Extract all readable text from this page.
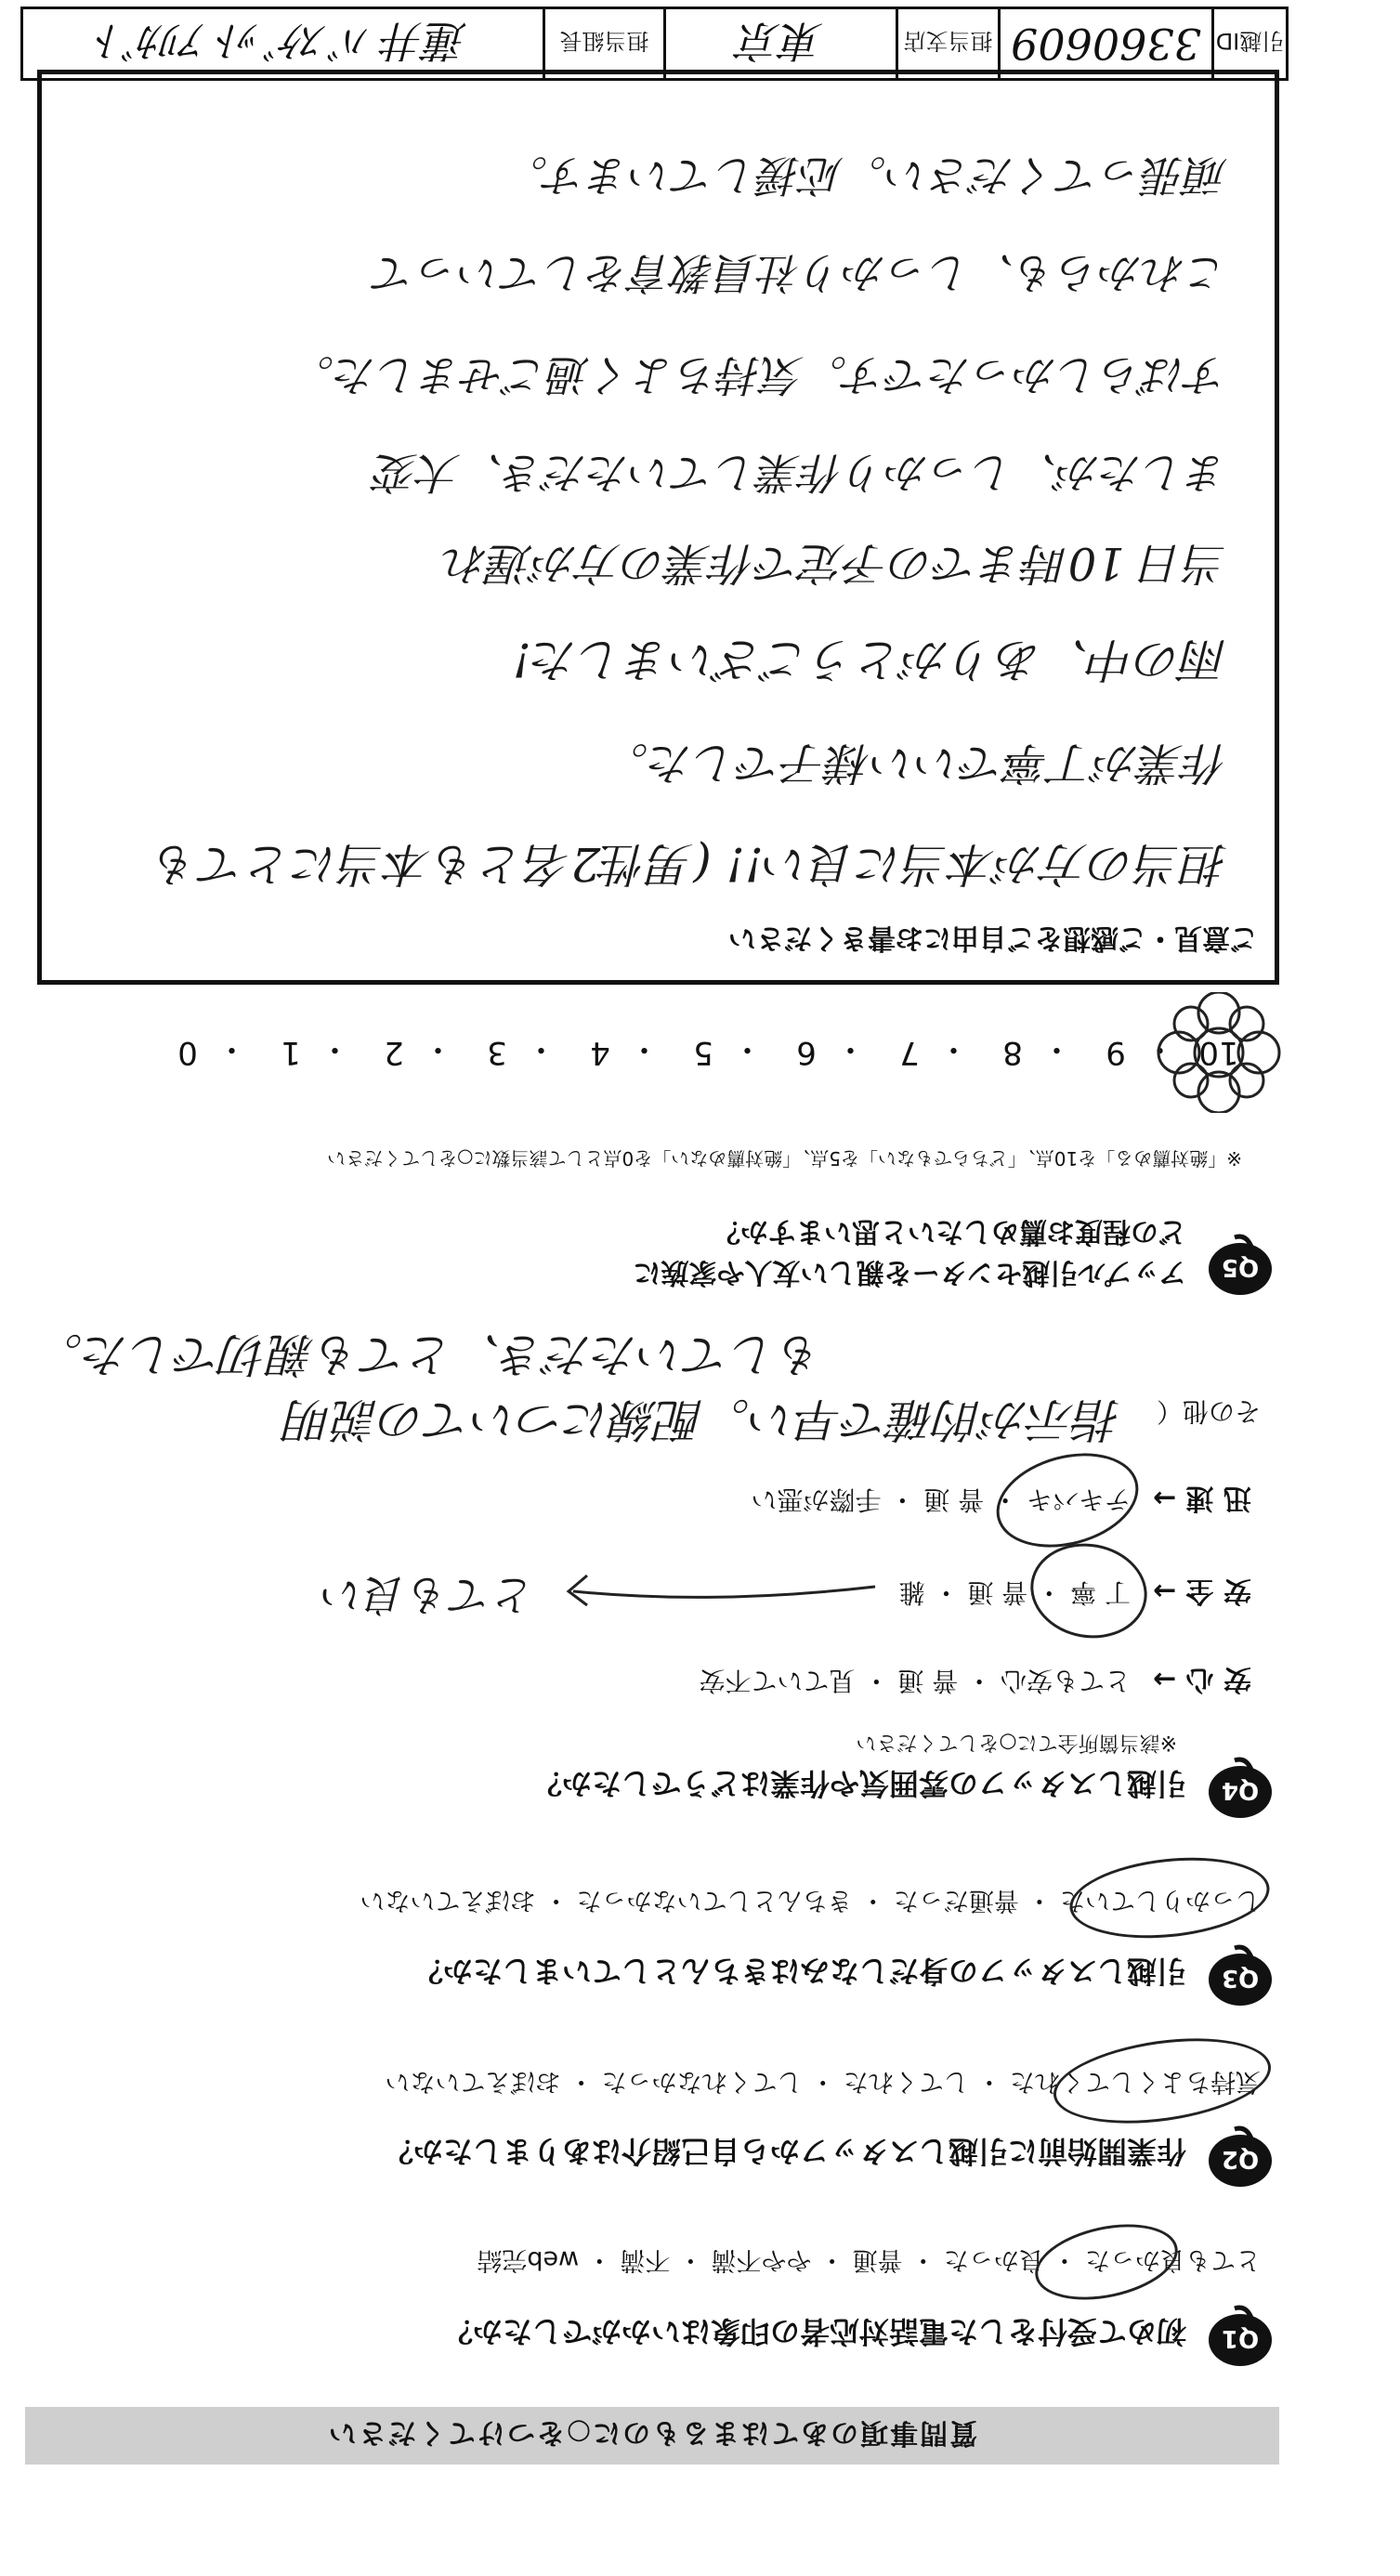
質問事項のあてはまるものに○をつけてください
Q1
初めて受付をした電話対応者の印象はいかがでしたか？
とても良かった ・ 良かった ・ 普通 ・ やや不満 ・ 不満 ・ web完結
Q2
作業開始前に引越しスタッフから自己紹介はありましたか？
気持ちよくしてくれた ・ してくれた ・ してくれなかった ・ おぼえていない
Q3
引越しスタッフの身だしなみはきちんとしていましたか？
しっかりしていた ・ 普通だった ・ きちんとしていなかった ・ おぼえていない
Q4
引越しスタッフの雰囲気や作業はどうでしたか？
※該当箇所全てに○をしてください
安 心 →
とても安心 ・ 普 通 ・ 見ていて不安
安 全 →
丁 寧 ・ 普 通 ・ 雑
とても良い
迅 速 →
テキパキ ・ 普 通 ・ 手際が悪い
その他（
指示が的確で早い。配線についての説明
もしていただき、とても親切でした。
Q5
アップル引越センターを親しい友人や家族に
どの程度お薦めしたいと思いますか？
※「絶対薦める」を10点、「どちらでもない」を5点、「絶対薦めない」を0点として該当数に○をしてください
10
・
9
・
8
・
7
・
6
・
5
・
4
・
3
・
2
・
1
・
0
ご意見・ご感想をご自由にお書きください
担当の方が本当に良い!! (男性2名とも本当にとても
作業が丁寧でいい様子でした。
雨の中、ありがとうございました!
当日 10時までの予定で作業の方が遅れ
ましたが、しっかり作業していただき、大変
すばらしかったです。気持ちよく過ごせました。
これからも、しっかり社員教育をしていって
頑張ってください。応援しています。
引越ID
3360609
担当支店
東京
担当組長
蓮井 ﾊﾞｽｹﾞｯﾄ ｱﾘｶﾞﾄ
